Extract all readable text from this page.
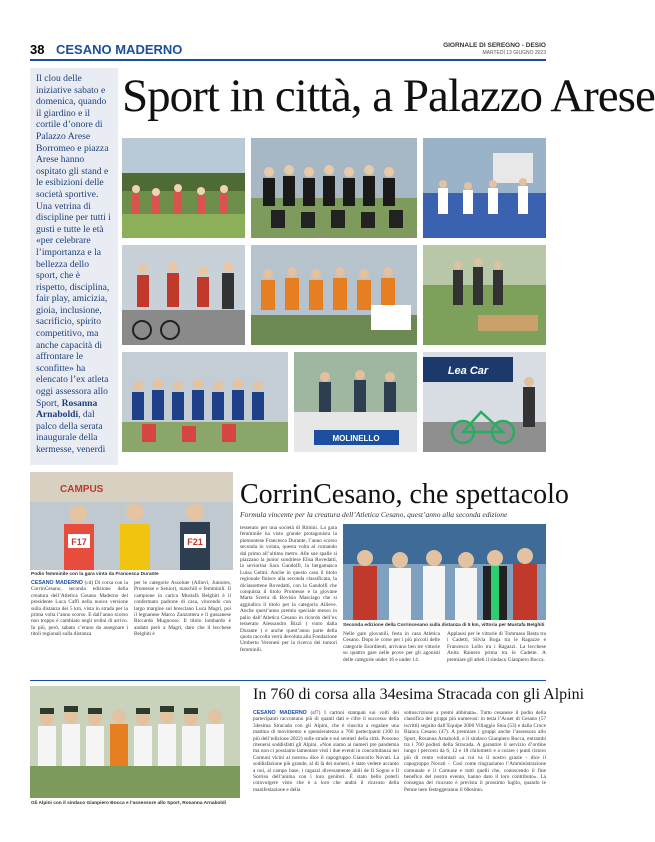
38 CESANO MADERNO	GIORNALE DI SEREGNO - DESIO
MARTEDÌ 13 GIUGNO 2023
Il clou delle iniziative sabato e domenica, quando il giardino e il cortile d’onore di Palazzo Arese Borromeo e piazza Arese hanno ospitato gli stand e le esibizioni delle società sportive. Una vetrina di discipline per tutti i gusti e tutte le età «per celebrare l’importanza e la bellezza dello sport, che è rispetto, disciplina, fair play, amicizia, gioia, inclusione, sacrificio, spirito competitivo, ma anche capacità di affrontare le sconfitte» ha elencato l’ex atleta oggi assessora allo Sport, Rosanna Arnaboldi, dal palco della serata inaugurale della kermesse, venerdì
Sport in città, a Palazzo Arese
MOLINELLO
Lea Car
CAMPUS
F17	F21
Podio femminile con la gara vinta da Francesca Durante
CorrinCesano, che spettacolo
Formula vincente per la creatura dell’Atletica Cesano, quest’anno alla seconda edizione
CESANO MADERNO (cd) Di corsa con la CorrinCesano, seconda edizione della creatura dell’Atletica Cesano Maderno del presidente Luca Caffi nella nuova versione sulla distanza dei 5 km, vista in strada per la prima volta l’anno scorso. E dall’anno scorso non troppo è cambiato negli ordini di arrivo. In più, però, sabato c’erano da assegnare i titoli regionali sulla distanza
per le categorie Assolute (Allievi, Juniores, Promesse e Senior), maschili e femminili. Il campione in carica Mustafà Belghiti è il confermato padrone di casa, vincendo con largo margine sul bresciano Luca Magri, poi il legnanese Marco Zanzottera e il gussanese Riccardo Mugnosso. Il titolo lombardo è andato però a Magri, dato che il lecchese Belghiti è
tesserato per una società di Rimini. La gara femminile ha visto grande protagonista la piemontese Francesca Durante, l’anno scorso seconda in volata, questa volta al comando dal primo all’ultimo metro. Alle sue spalle si piazzano la junior sondriese Elisa Rovedatti, la seviorina Sara Gandolfi, la bergamasca Luisa Gelmi. Anche in questo caso il titolo regionale finisce alla seconda classificata, la diciassettene Rovedatti, con la Gandolfi che conquista il titolo Promesse e la giovane Marta Scerra di Bovisio Masciago che si aggiudica il titolo per la categoria Allieve. Anche quest’anno premio speciale messo in palio dall’Atletica Cesano in ricordo dell’ex tesserato Alessandro Bizzi ( vinto dalla Durante ) e anche quest’anno parte della quota raccolta verrà devoluta alla Fondazione Umberto Veronesi per la ricerca dei tumori femminili.
Seconda edizione della Corrincesano sulla distanza di 5 km, vittoria per Mustafa Belghiti
Nelle gare giovanili, festa in casa Atletica Cesano. Dopo le corse per i più piccoli delle categorie Esordienti, arrivano ben tre vittorie su quattro gare nelle prove per gli agonisti delle categorie under 16 e under 14.
Applausi per le vittorie di Tommaso Resta tra i Cadetti, Silvia Boga tra le Ragazze e Francesco Lollo tra i Ragazzi. La lecchese Anita Rainero prima tra le Cadette. A premiare gli atleti il sindaco Gianpiero Bocca.
Gli Alpini con il sindaco Gianpiero Bocca e l’assessore allo Sport, Rosanna Arnaboldi
In 760 di corsa alla 34esima Stracada con gli Alpini
CESANO MADERNO (sf7) I cartoni stampati sui volti dei partecipanti raccontano più di quanti dati e cifre il successo della 34esima Stracada con gli Alpini, che è riuscita a regalare una mattina di movimento e spensieratezza a 760 partecipanti (100 in più dell’edizione 2022) sulle strade e sui sentieri della città. Possono ritenersi soddisfatti gli Alpini. «Non siamo ai numeri pre pandemia ma non ci possiamo lamentare visti i due eventi in concomitanza nei Comuni vicini al nostro» dice il capogruppo Giancarlo Novati. La soddisfazione più grande, al di là dei numeri, è stato vedere accanto a noi, al campo base, i ragazzi diversamente abili de Il Sogno e Il Sorriso dell’anima con i loro genitori. È stato bello poterli coinvolgere visto che è a loro che andrà il ricavato della manifestazione e della
sottoscrizione a premi abbinata». Tutto cesanese il podio della classifica dei gruppi più numerosi: in testa l’Auser di Cesano (57 iscritti) seguito dall’Equipe 2000 Villaggio Snia (53) e dalla Croce Bianca Cesano (47). A premiare i gruppi anche l’assessora allo Sport, Rosanna Arnaboldi, e il sindaco Gianpiero Bocca, entrambi tra i 760 podisti della Stracada. A garantire il servizio d’ordine lungo i percorsi da 6, 12 e 18 chilometri e a curare i punti ristoro più di cento volontari «a cui va il nostro grazie - dice il capogruppo Novati -. Così come ringraziamo l’Amministrazione comunale e il Comune e tutti quelli che, conoscendo il fine benefico del nostro evento, hanno dato il loro contributo». La consegna del ricavato è prevista il prossimo luglio, quando le Penne nere festeggeranno il 60esimo.
